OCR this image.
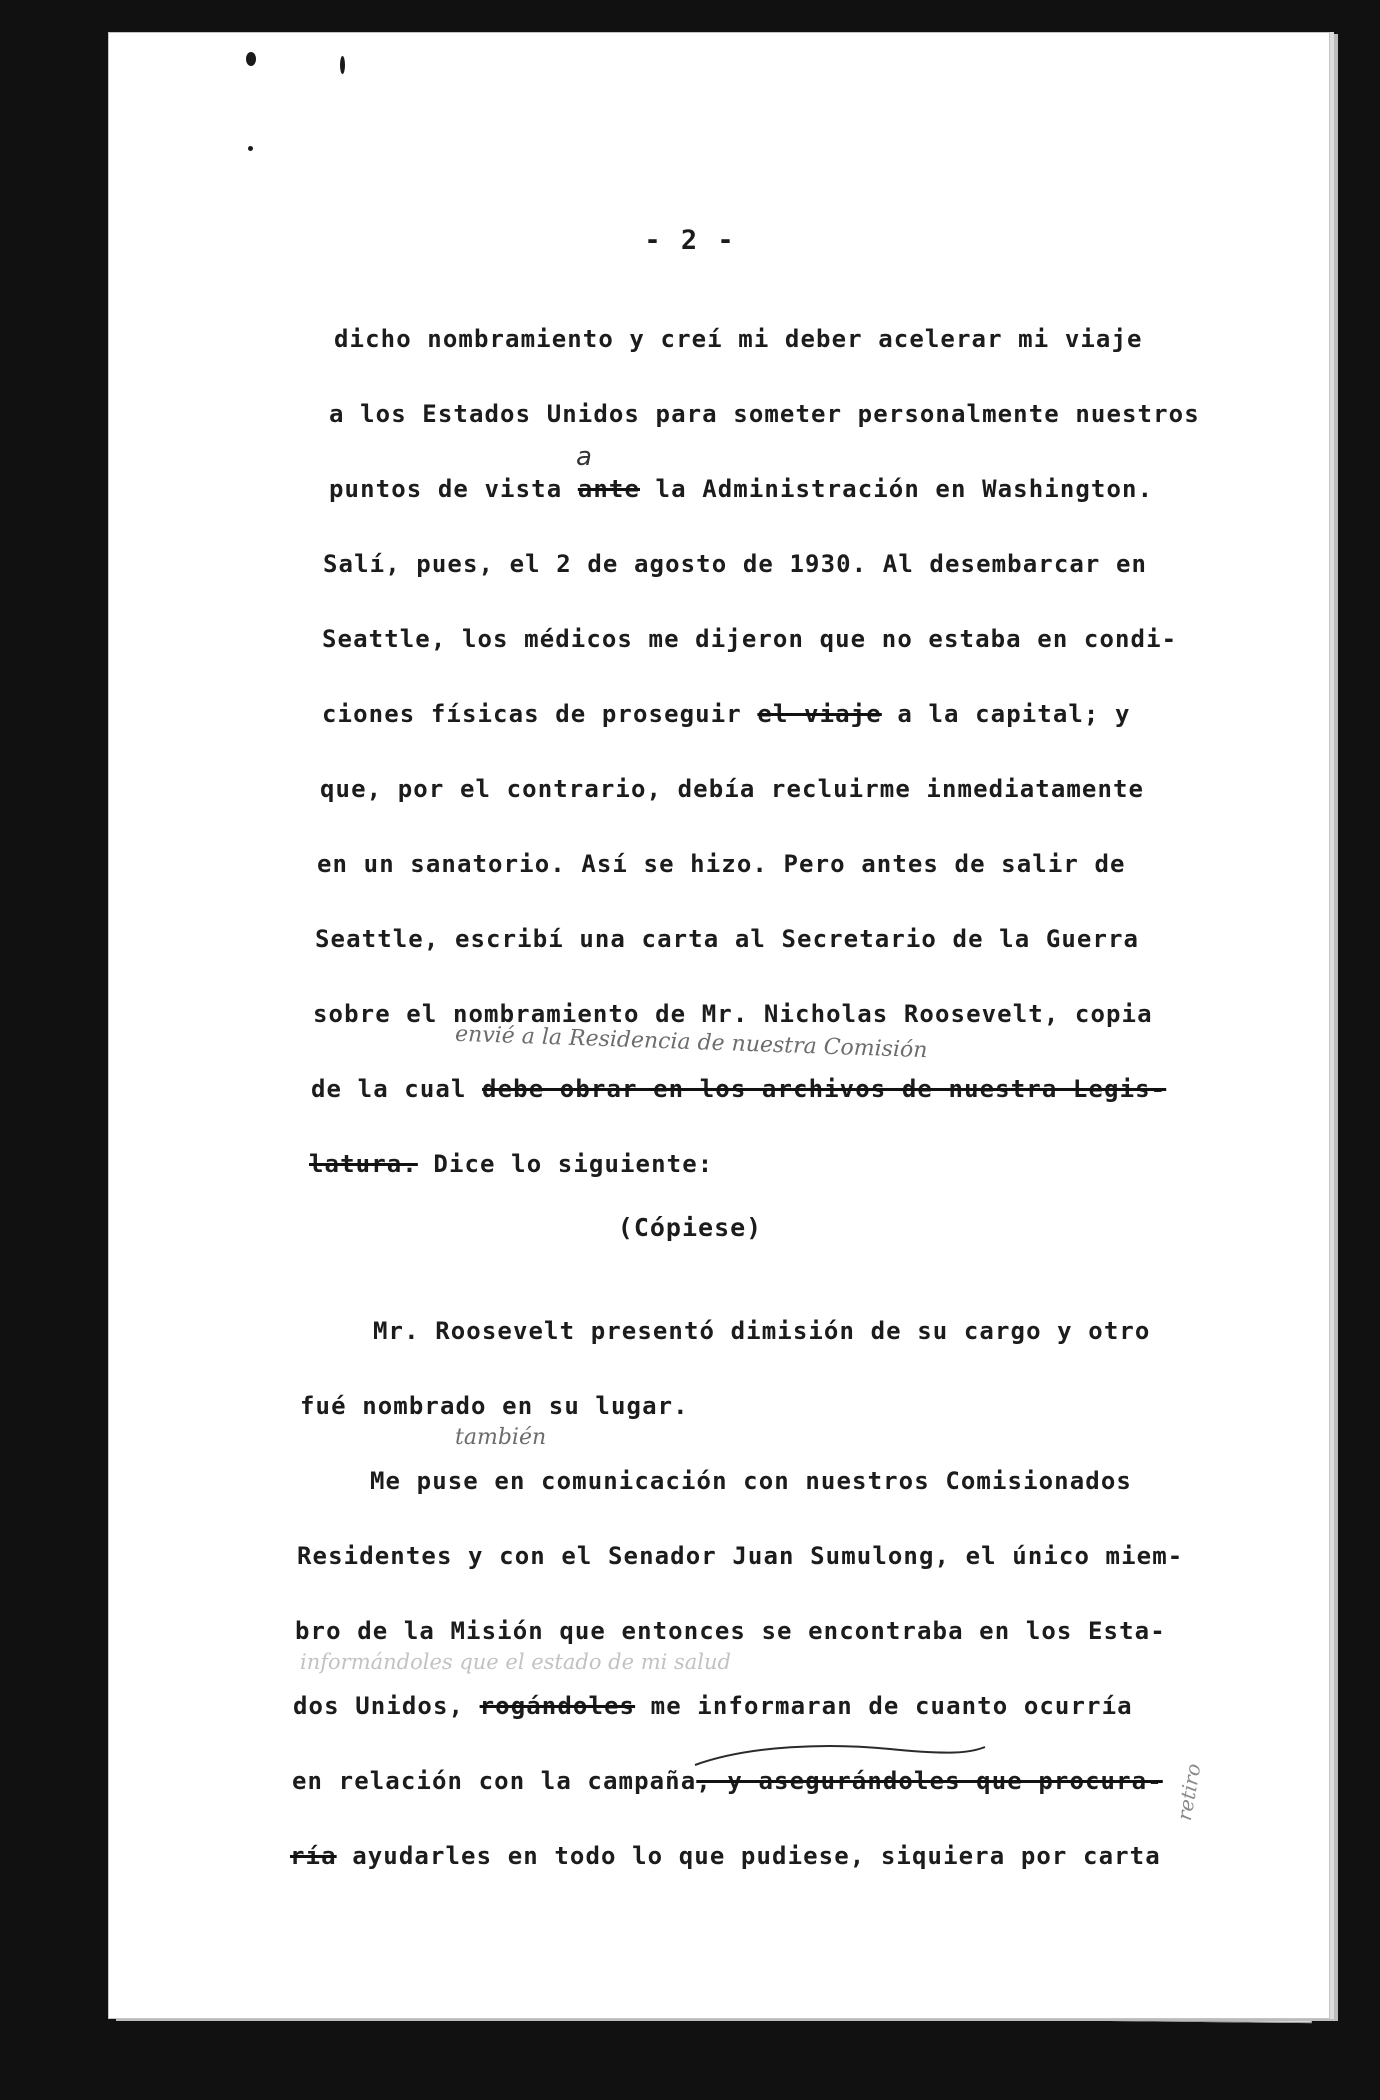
- 2 -
dicho nombramiento y creí mi deber acelerar mi viaje
a los Estados Unidos para someter personalmente nuestros
puntos de vista ante la Administración en Washington.
a
Salí, pues, el 2 de agosto de 1930. Al desembarcar en
Seattle, los médicos me dijeron que no estaba en condi-
ciones físicas de proseguir el viaje a la capital; y
que, por el contrario, debía recluirme inmediatamente
en un sanatorio. Así se hizo. Pero antes de salir de
Seattle, escribí una carta al Secretario de la Guerra
sobre el nombramiento de Mr. Nicholas Roosevelt, copia
envié a la Residencia de nuestra Comisión
de la cual debe obrar en los archivos de nuestra Legis-
latura. Dice lo siguiente:
(Cópiese)
Mr. Roosevelt presentó dimisión de su cargo y otro
fué nombrado en su lugar.
también
Me puse en comunicación con nuestros Comisionados
Residentes y con el Senador Juan Sumulong, el único miem-
bro de la Misión que entonces se encontraba en los Esta-
informándoles que el estado de mi salud
dos Unidos, rogándoles me informaran de cuanto ocurría
en relación con la campaña, y asegurándoles que procura-
ría ayudarles en todo lo que pudiese, siquiera por carta
retiro
